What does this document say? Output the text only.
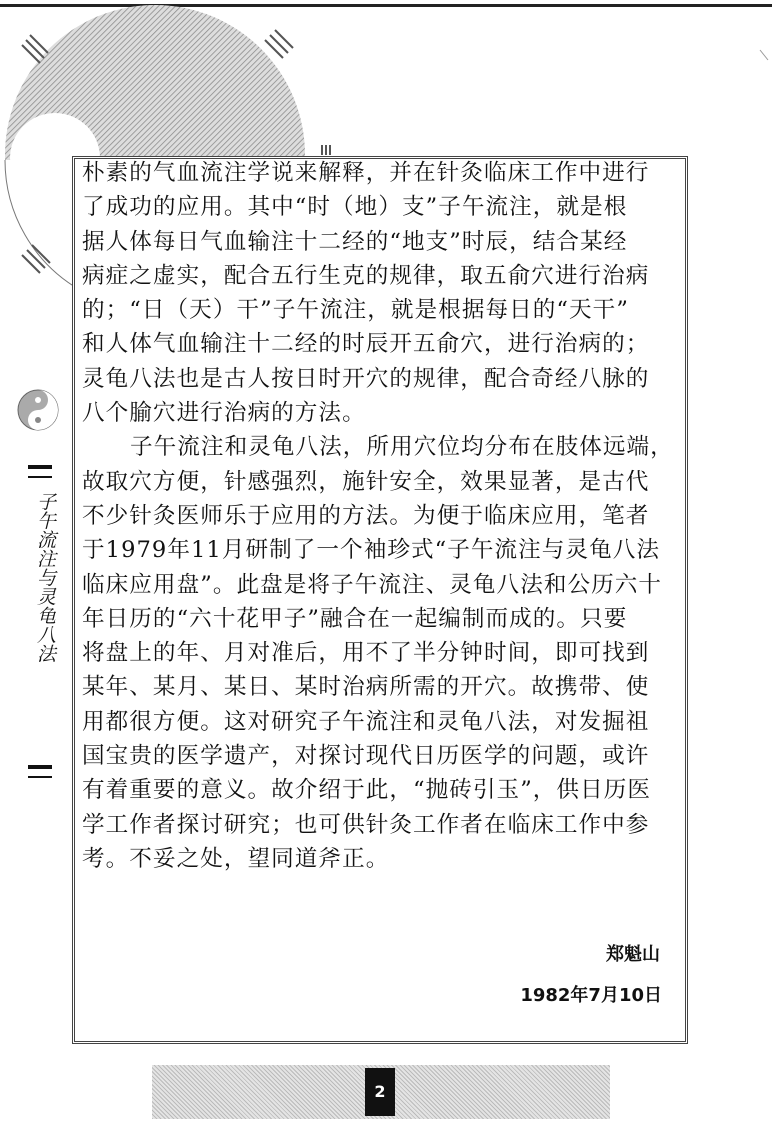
朴素的气血流注学说来解释，并在针灸临床工作中进行
了成功的应用。其中“时（地）支”子午流注，就是根
据人体每日气血输注十二经的“地支”时辰，结合某经
病症之虚实，配合五行生克的规律，取五俞穴进行治病
的；“日（天）干”子午流注，就是根据每日的“天干”
和人体气血输注十二经的时辰开五俞穴，进行治病的；
灵龟八法也是古人按日时开穴的规律，配合奇经八脉的
八个腧穴进行治病的方法。
子午流注和灵龟八法，所用穴位均分布在肢体远端，
故取穴方便，针感强烈，施针安全，效果显著，是古代
不少针灸医师乐于应用的方法。为便于临床应用，笔者
于1979年11月研制了一个袖珍式“子午流注与灵龟八法
临床应用盘”。此盘是将子午流注、灵龟八法和公历六十
年日历的“六十花甲子”融合在一起编制而成的。只要
将盘上的年、月对准后，用不了半分钟时间，即可找到
某年、某月、某日、某时治病所需的开穴。故携带、使
用都很方便。这对研究子午流注和灵龟八法，对发掘祖
国宝贵的医学遗产，对探讨现代日历医学的问题，或许
有着重要的意义。故介绍于此，“抛砖引玉”，供日历医
学工作者探讨研究；也可供针灸工作者在临床工作中参
考。不妥之处，望同道斧正。
郑魁山
1982年7月10日
子午流注与灵龟八法
2
